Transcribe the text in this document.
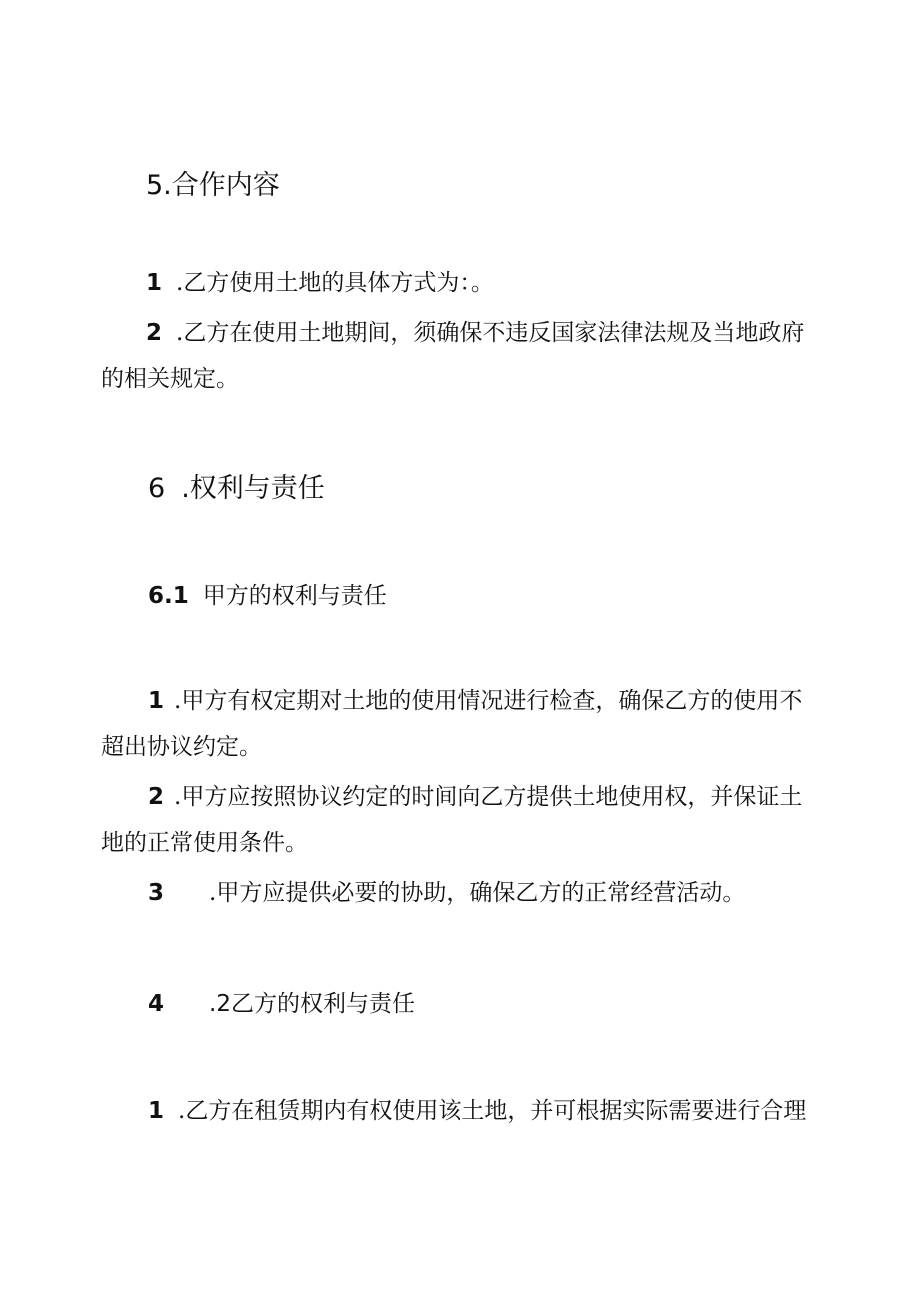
5.合作内容
1 .乙方使用土地的具体方式为：。
2 .乙方在使用土地期间，须确保不违反国家法律法规及当地政府
的相关规定。
6 .权利与责任
6.1 甲方的权利与责任
1 .甲方有权定期对土地的使用情况进行检查，确保乙方的使用不
超出协议约定。
2 .甲方应按照协议约定的时间向乙方提供土地使用权，并保证土
地的正常使用条件。
3 .甲方应提供必要的协助，确保乙方的正常经营活动。
4 .2乙方的权利与责任
1 .乙方在租赁期内有权使用该土地，并可根据实际需要进行合理
